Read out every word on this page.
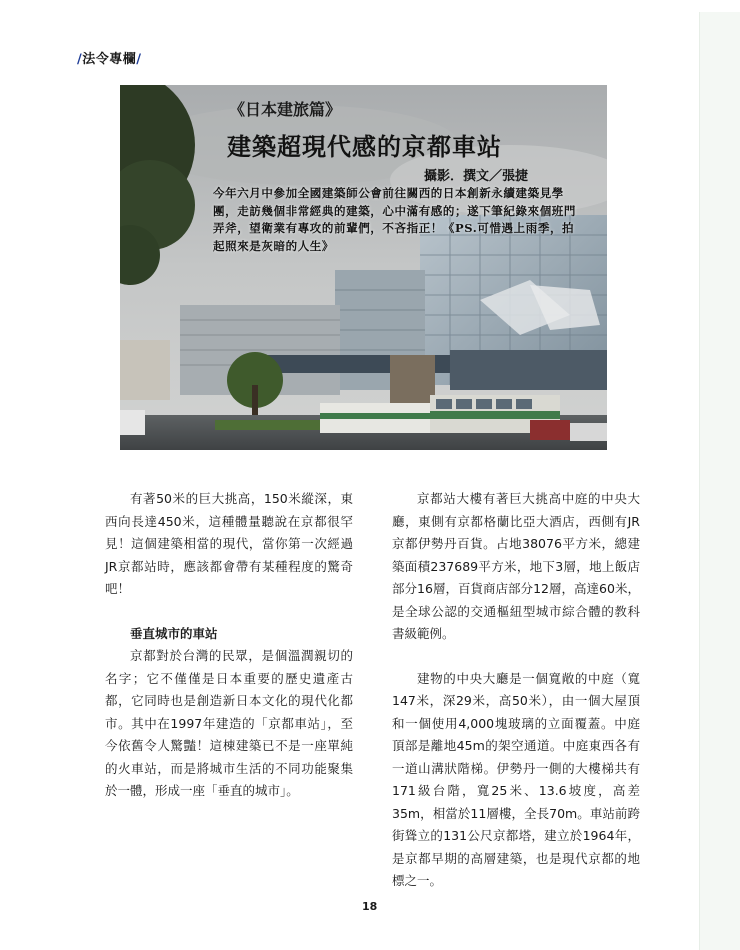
/法令專欄/
《日本建旅篇》
建築超現代感的京都車站
攝影．撰文／張捷
今年六月中參加全國建築師公會前往關西的日本創新永續建築見學團，走訪幾個非常經典的建築，心中滿有感的；遂下筆紀錄來個班門弄斧，望衛業有專攻的前輩們，不吝指正！《PS.可惜遇上雨季，拍起照來是灰暗的人生》

有著50米的巨大挑高，150米縱深，東西向長達450米，這種體量聽說在京都很罕見！這個建築相當的現代，當你第一次經過JR京都站時，應該都會帶有某種程度的驚奇吧！

垂直城市的車站

京都對於台灣的民眾，是個溫潤親切的名字；它不僅僅是日本重要的歷史遺產古都，它同時也是創造新日本文化的現代化都市。其中在1997年建造的「京都車站」，至今依舊令人驚豔！這棟建築已不是一座單純的火車站，而是將城市生活的不同功能聚集於一體，形成一座「垂直的城市」。

京都站大樓有著巨大挑高中庭的中央大廳，東側有京都格蘭比亞大酒店，西側有JR京都伊勢丹百貨。占地38076平方米，總建築面積237689平方米，地下3層，地上飯店部分16層，百貨商店部分12層，高達60米，是全球公認的交通樞紐型城市綜合體的教科書級範例。

建物的中央大廳是一個寬敞的中庭（寬147米，深29米，高50米），由一個大屋頂和一個使用4,000塊玻璃的立面覆蓋。中庭頂部是離地45m的架空通道。中庭東西各有一道山溝狀階梯。伊勢丹一側的大樓梯共有171級台階，寬25米、13.6坡度，高差35m，相當於11層樓，全長70m。車站前跨街聳立的131公尺京都塔，建立於1964年，是京都早期的高層建築，也是現代京都的地標之一。

18
